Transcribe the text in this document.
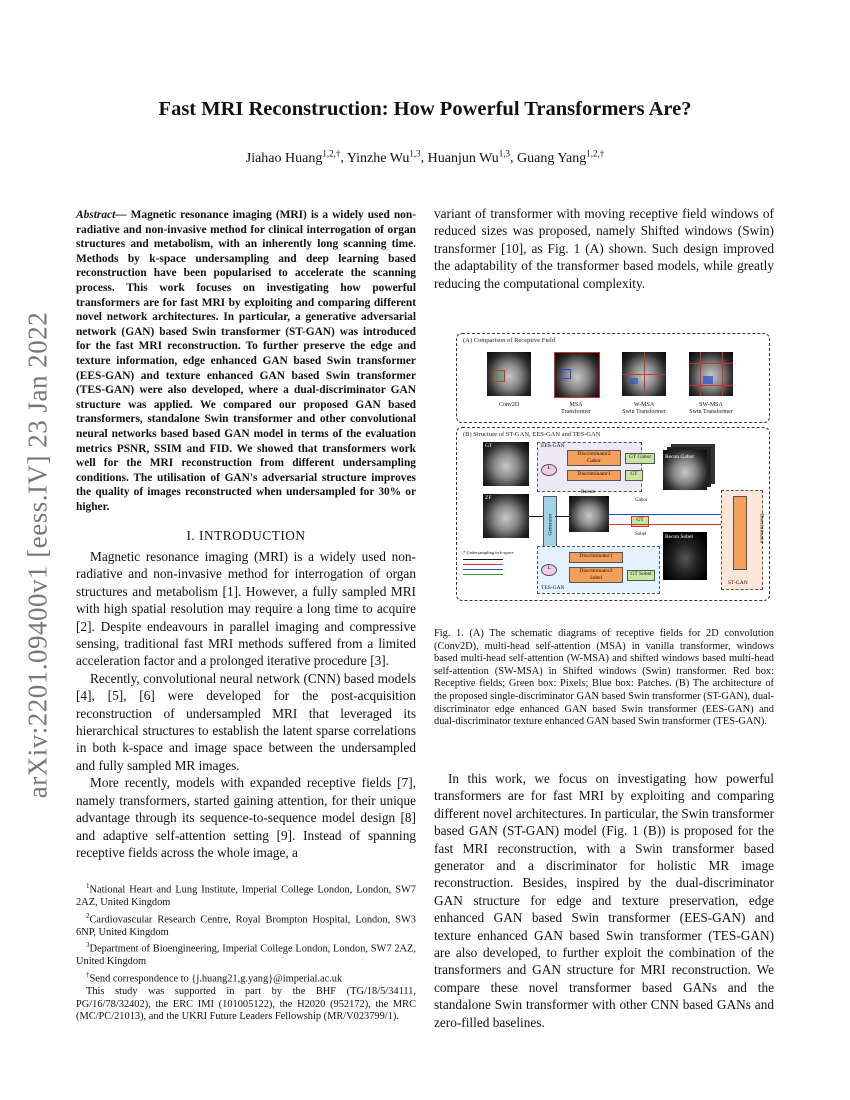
arXiv:2201.09400v1 [eess.IV] 23 Jan 2022
Fast MRI Reconstruction: How Powerful Transformers Are?
Jiahao Huang$^{1,2,\dagger}$, Yinzhe Wu$^{1,3}$, Huanjun Wu$^{1,3}$, Guang Yang$^{1,2,\dagger}$
Abstract— Magnetic resonance imaging (MRI) is a widely used non-radiative and non-invasive method for clinical interrogation of organ structures and metabolism, with an inherently long scanning time. Methods by k-space undersampling and deep learning based reconstruction have been popularised to accelerate the scanning process. This work focuses on investigating how powerful transformers are for fast MRI by exploiting and comparing different novel network architectures. In particular, a generative adversarial network (GAN) based Swin transformer (ST-GAN) was introduced for the fast MRI reconstruction. To further preserve the edge and texture information, edge enhanced GAN based Swin transformer (EES-GAN) and texture enhanced GAN based Swin transformer (TES-GAN) were also developed, where a dual-discriminator GAN structure was applied. We compared our proposed GAN based transformers, standalone Swin transformer and other convolutional neural networks based based GAN model in terms of the evaluation metrics PSNR, SSIM and FID. We showed that transformers work well for the MRI reconstruction from different undersampling conditions. The utilisation of GAN's adversarial structure improves the quality of images reconstructed when undersampled for 30% or higher.
I. INTRODUCTION

Magnetic resonance imaging (MRI) is a widely used non-radiative and non-invasive method for interrogation of organ structures and metabolism [1]. However, a fully sampled MRI with high spatial resolution may require a long time to acquire [2]. Despite endeavours in parallel imaging and compressive sensing, traditional fast MRI methods suffered from a limited acceleration factor and a prolonged iterative procedure [3].

Recently, convolutional neural network (CNN) based models [4], [5], [6] were developed for the post-acquisition reconstruction of undersampled MRI that leveraged its hierarchical structures to establish the latent sparse correlations in both k-space and image space between the undersampled and fully sampled MR images.

More recently, models with expanded receptive fields [7], namely transformers, started gaining attention, for their unique advantage through its sequence-to-sequence model design [8] and adaptive self-attention setting [9]. Instead of spanning receptive fields across the whole image, a

$^1$National Heart and Lung Institute, Imperial College London, London, SW7 2AZ, United Kingdom

$^2$Cardiovascular Research Centre, Royal Brompton Hospital, London, SW3 6NP, United Kingdom

$^3$Department of Bioengineering, Imperial College London, London, SW7 2AZ, United Kingdom

†Send correspondence to {j.huang21,g.yang}@imperial.ac.uk

This study was supported in part by the BHF (TG/18/5/34111, PG/16/78/32402), the ERC IMI (101005122), the H2020 (952172), the MRC (MC/PC/21013), and the UKRI Future Leaders Fellowship (MR/V023799/1).

variant of transformer with moving receptive field windows of reduced sizes was proposed, namely Shifted windows (Swin) transformer [10], as Fig. 1 (A) shown. Such design improved the adaptability of the transformer based models, while greatly reducing the computational complexity.

(A) Comparison of Receptive Field
Conv2D	MSA
Transformer
W-MSA
Swin Transformer
SW-MSA
Swin Transformer
(B) Structure of ST-GAN, EES-GAN and TES-GAN
GT
ZF
EES-GAN
Discriminator2
Gabor
Discriminator1
GT Gabor
GT
L
Generator
Recon
GT
Gabor
Sobel
Recon Gabor
Recon Sobel
ST-GAN
Discriminator
TES-GAN
Discriminator1
Discriminator2
Sobel
GT Sobel
L
* Undersampling in k-space
Fig. 1. (A) The schematic diagrams of receptive fields for 2D convolution (Conv2D), multi-head self-attention (MSA) in vanilla transformer, windows based multi-head self-attention (W-MSA) and shifted windows based multi-head self-attention (SW-MSA) in Shifted windows (Swin) transformer. Red box: Receptive fields; Green box: Pixels; Blue box: Patches. (B) The architecture of the proposed single-discriminator GAN based Swin transformer (ST-GAN), dual-discriminator edge enhanced GAN based Swin transformer (EES-GAN) and dual-discriminator texture enhanced GAN based Swin transformer (TES-GAN).

In this work, we focus on investigating how powerful transformers are for fast MRI by exploiting and comparing different novel architectures. In particular, the Swin transformer based GAN (ST-GAN) model (Fig. 1 (B)) is proposed for the fast MRI reconstruction, with a Swin transformer based generator and a discriminator for holistic MR image reconstruction. Besides, inspired by the dual-discriminator GAN structure for edge and texture preservation, edge enhanced GAN based Swin transformer (EES-GAN) and texture enhanced GAN based Swin transformer (TES-GAN) are also developed, to further exploit the combination of the transformers and GAN structure for MRI reconstruction. We compare these novel transformer based GANs and the standalone Swin transformer with other CNN based GANs and zero-filled baselines.
